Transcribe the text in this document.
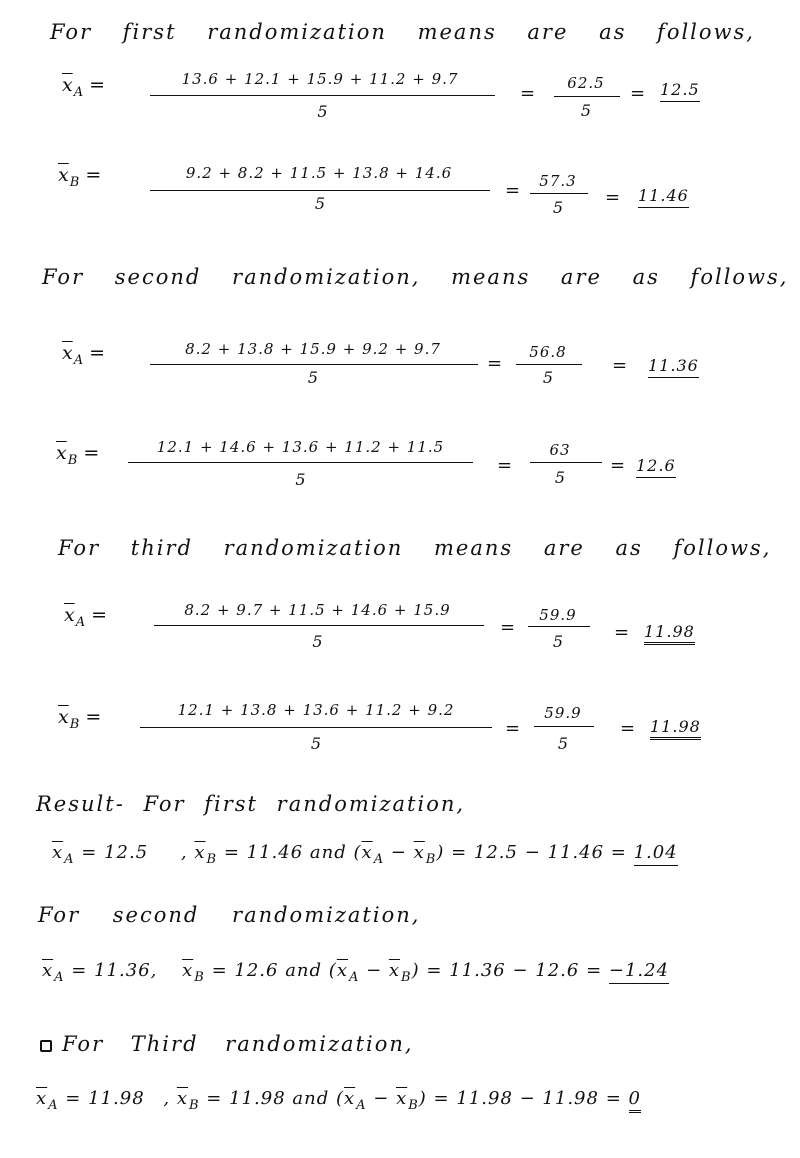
For first randomization means are as follows,
$\overline{x}_A$ =	13.6 + 12.1 + 15.9 + 11.2 + 9.7
5
=	62.5
5
= 12.5
$\overline{x}_B$ =	9.2 + 8.2 + 11.5 + 13.8 + 14.6
5
=	57.3
5	= 11.46
For second randomization, means are as follows,
$\overline{x}_A$ =	8.2 + 13.8 + 15.9 + 9.2 + 9.7
5
=
56.8
5
= 11.36
$\overline{x}_B$ =	12.1 + 14.6 + 13.6 + 11.2 + 11.5
5
=
63
5
= 12.6
For third randomization means are as follows,
$\overline{x}_A$ =	8.2 + 9.7 + 11.5 + 14.6 + 15.9
5
=
59.9
5	= 11.98
$\overline{x}_B$ =	12.1 + 13.8 + 13.6 + 11.2 + 9.2
5
=
59.9
5
= 11.98
Result- For first randomization,
$\overline{x}_A = 12.5$ , $\overline{x}_B = 11.46$ and $(\overline{x}_A - \overline{x}_B) = 12.5 - 11.46 = 1.04$
For second randomization,
$\overline{x}_A = 11.36$, $\overline{x}_B = 12.6$ and $(\overline{x}_A - \overline{x}_B) = 11.36 - 12.6 = -1.24$
For Third randomization,
$\overline{x}_A = 11.98$ , $\overline{x}_B = 11.98$ and $(\overline{x}_A - \overline{x}_B) = 11.98 - 11.98 = 0$
